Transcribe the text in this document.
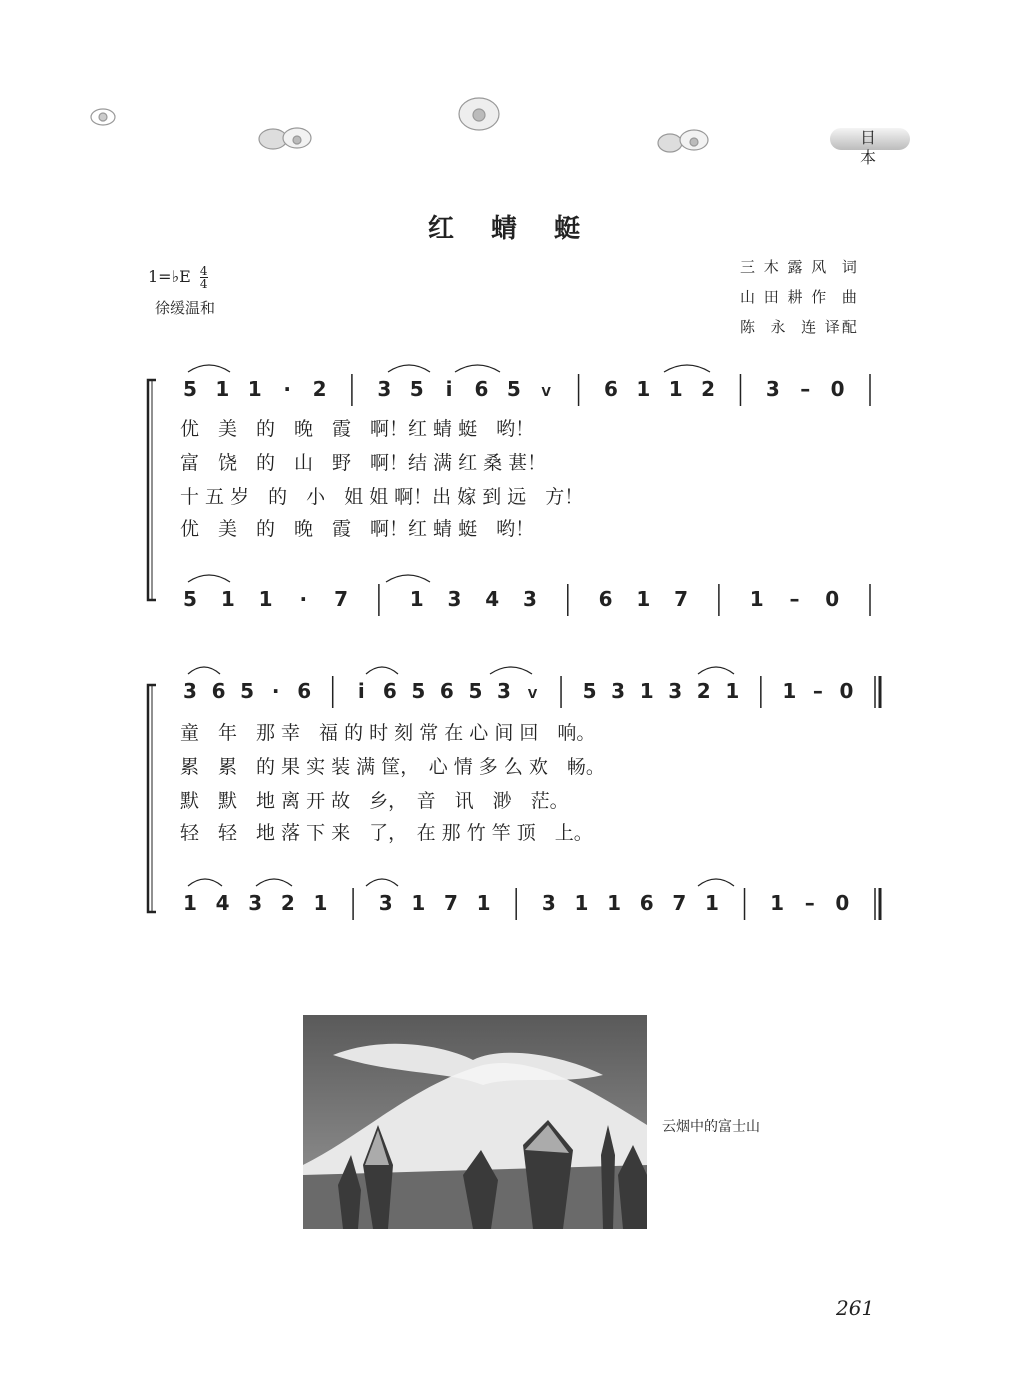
日 本
红 蜻 蜓
1=♭E $\frac{4}{4}$
徐缓温和
三 木 露 风  词
山 田 耕 作  曲
陈  永  连 译配
5 1 1 · 2	3 5 i 6 5 ᐯ	6 1 1 2	3 – 0
5 1 1 · 7	1 3 4 3	6 1 7	1 – 0
3 6 5 · 6 i 6 5 6 5 3 ᐯ 5 3 1 3 2 1 1 – 0
1 4 3 2 1	3 1 7 1	3 1 1 6 7 1	1 – 0
优　美　的　晚　霞　啊！红 蜻 蜓　哟！
富　饶　的　山　野　啊！结 满 红 桑 葚！
十 五 岁　的　小　姐 姐 啊！出 嫁 到 远　方！
优　美　的　晚　霞　啊！红 蜻 蜓　哟！
童　年　那 幸　福 的 时 刻 常 在 心 间 回　响。
累　累　的 果 实 装 满 筐，　心 情 多 么 欢　畅。
默　默　地 离 开 故　乡，　音　讯　渺　茫。
轻　轻　地 落 下 来　了，　在 那 竹 竿 顶　上。
云烟中的富士山
261
